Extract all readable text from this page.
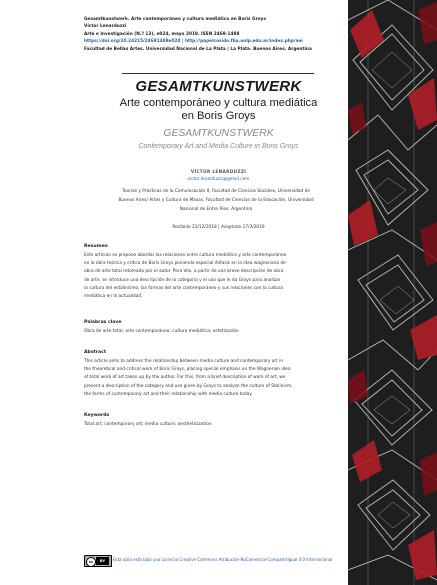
Gesamtkunstwerk. Arte contemporáneo y cultura mediática en Boris Groys
Víctor Lenarduzzi
Arte e Investigación (N.º 13), e024, mayo 2019. ISSN 2469-1488
https://doi.org/10.24215/24691488e024 | http://papelcosido.fba.unlp.edu.ar/index.php/aei
Facultad de Bellas Artes. Universidad Nacional de La Plata | La Plata. Buenos Aires. Argentina
GESAMTKUNSTWERK
Arte contemporáneo y cultura mediática
en Boris Groys
GESAMTKUNSTWERK
Contemporary Art and Media Culture in Boris Groys
VÍCTOR LENARDUZZI
victor.lenarduzzi@gmail.com
Teorías y Prácticas de la Comunicación II, Facultad de Ciencias Sociales, Universidad de
Buenos Aires/ Artes y Cultura de Masas, Facultad de Ciencias de la Educación, Universidad
Nacional de Entre Ríos. Argentina
Recibido 23/12/2018 | Aceptado 17/3/2019
Resumen
Este artículo se propone abordar las relaciones entre cultura mediática y arte contemporáneo
en la obra teórica y crítica de Boris Groys poniendo especial énfasis en la idea wagneriana de
obra de arte total retomada por el autor. Para ello, a partir de una breve descripción de obra
de arte, se introduce una descripción de la categoría y el uso que le da Groys para analizar
la cultura del estalinismo, las formas del arte contemporáneo y sus relaciones con la cultura
mediática en la actualidad.
Palabras clave
Obra de arte total; arte contemporáneo; cultura mediática; estetización
Abstract
This article aims to address the relationship between media culture and contemporary art in
the theoretical and critical work of Boris Groys, placing special emphasis on the Wagnerian idea
of total work of art taken up by the author. For this, from a brief description of work of art, we
present a description of the category and use given by Groys to analyze the culture of Stalinism,
the forms of contemporary art and their relationship with media culture today.
Keywords
Total art; contemporary art; media culture; aestheticization
cc	BY	Esta obra está bajo una Licencia Creative Commons Atribución-NoComercial-CompartirIgual 4.0 Internacional
